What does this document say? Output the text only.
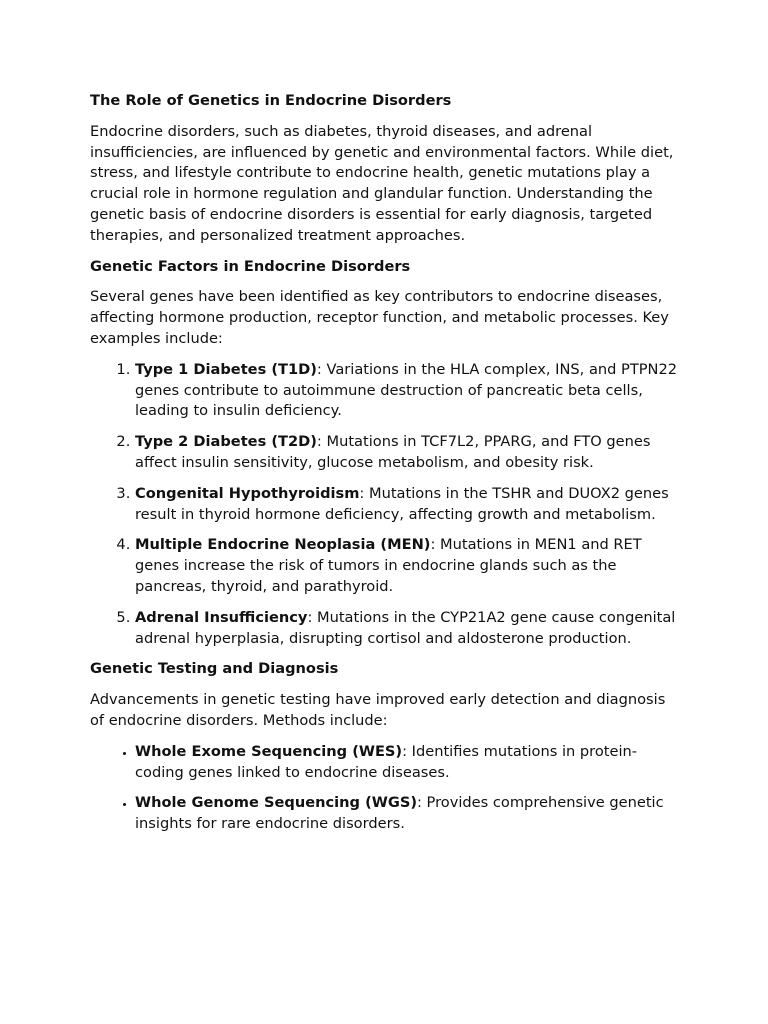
The Role of Genetics in Endocrine Disorders

Endocrine disorders, such as diabetes, thyroid diseases, and adrenal insufficiencies, are influenced by genetic and environmental factors. While diet, stress, and lifestyle contribute to endocrine health, genetic mutations play a crucial role in hormone regulation and glandular function. Understanding the genetic basis of endocrine disorders is essential for early diagnosis, targeted therapies, and personalized treatment approaches.

Genetic Factors in Endocrine Disorders

Several genes have been identified as key contributors to endocrine diseases, affecting hormone production, receptor function, and metabolic processes. Key examples include:

1. Type 1 Diabetes (T1D): Variations in the HLA complex, INS, and PTPN22 genes contribute to autoimmune destruction of pancreatic beta cells, leading to insulin deficiency.
2. Type 2 Diabetes (T2D): Mutations in TCF7L2, PPARG, and FTO genes affect insulin sensitivity, glucose metabolism, and obesity risk.
3. Congenital Hypothyroidism: Mutations in the TSHR and DUOX2 genes result in thyroid hormone deficiency, affecting growth and metabolism.
4. Multiple Endocrine Neoplasia (MEN): Mutations in MEN1 and RET genes increase the risk of tumors in endocrine glands such as the pancreas, thyroid, and parathyroid.
5. Adrenal Insufficiency: Mutations in the CYP21A2 gene cause congenital adrenal hyperplasia, disrupting cortisol and aldosterone production.
Genetic Testing and Diagnosis

Advancements in genetic testing have improved early detection and diagnosis of endocrine disorders. Methods include:

• Whole Exome Sequencing (WES): Identifies mutations in protein-coding genes linked to endocrine diseases.
• Whole Genome Sequencing (WGS): Provides comprehensive genetic insights for rare endocrine disorders.
